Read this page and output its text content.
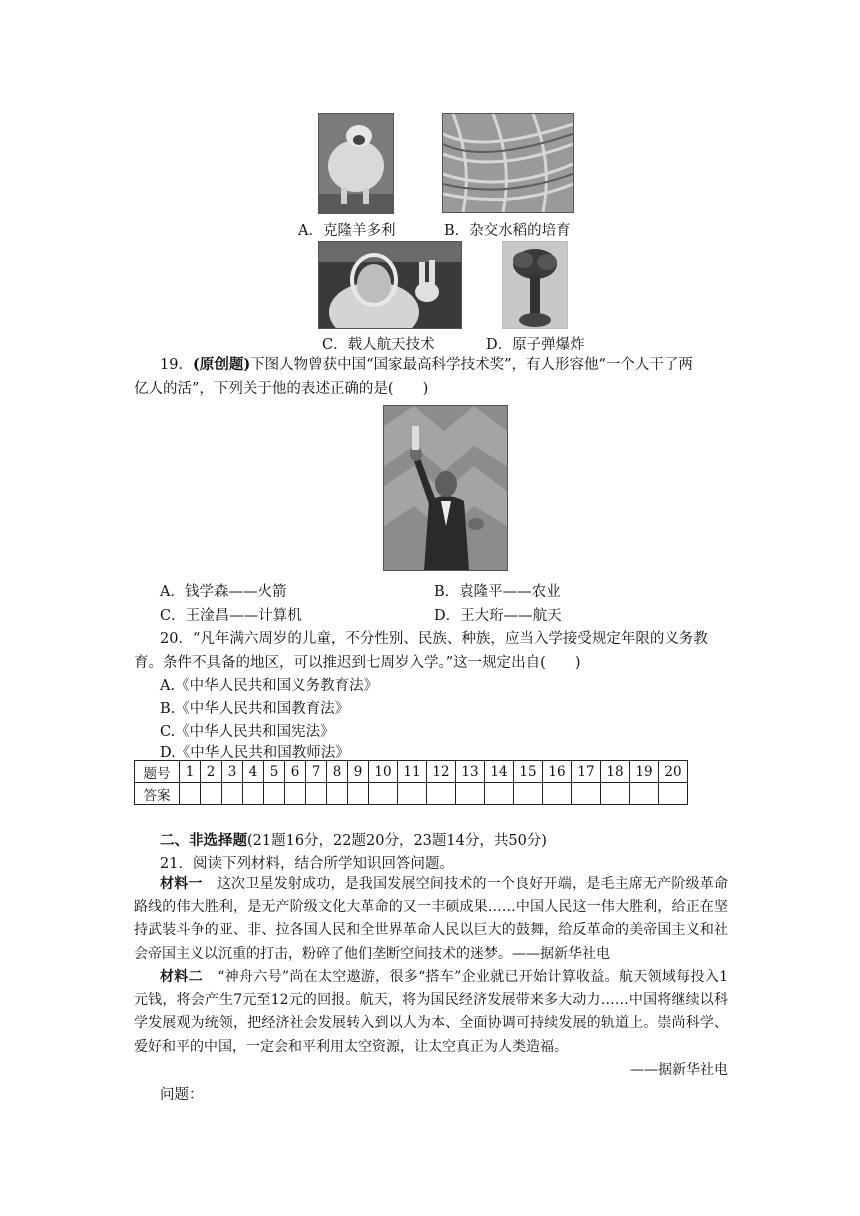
A．克隆羊多利	B．杂交水稻的培育
C．载人航天技术	D．原子弹爆炸
19．(原创题)下图人物曾获中国“国家最高科学技术奖”，有人形容他“一个人干了两
亿人的活”，下列关于他的表述正确的是(　　)
A．钱学森——火箭	B．袁隆平——农业
C．王淦昌——计算机	D．王大珩——航天
20．“凡年满六周岁的儿童，不分性别、民族、种族，应当入学接受规定年限的义务教
育。条件不具备的地区，可以推迟到七周岁入学。”这一规定出自(　　)
A.《中华人民共和国义务教育法》
B.《中华人民共和国教育法》
C.《中华人民共和国宪法》
D.《中华人民共和国教师法》
题号	1	2	3	4	5	6	7	8	9	10	11	12	13	14	15	16	17	18	19	20
答案																				
二、非选择题(21题16分，22题20分，23题14分，共50分)
21．阅读下列材料，结合所学知识回答问题。
材料一　这次卫星发射成功，是我国发展空间技术的一个良好开端，是毛主席无产阶级革命路线的伟大胜利，是无产阶级文化大革命的又一丰硕成果……中国人民这一伟大胜利，给正在坚持武装斗争的亚、非、拉各国人民和全世界革命人民以巨大的鼓舞，给反革命的美帝国主义和社会帝国主义以沉重的打击，粉碎了他们垄断空间技术的迷梦。——据新华社电
材料二　“神舟六号”尚在太空遨游，很多“搭车”企业就已开始计算收益。航天领域每投入1元钱，将会产生7元至12元的回报。航天，将为国民经济发展带来多大动力……中国将继续以科学发展观为统领，把经济社会发展转入到以人为本、全面协调可持续发展的轨道上。崇尚科学、爱好和平的中国，一定会和平利用太空资源，让太空真正为人类造福。
——据新华社电
问题：
